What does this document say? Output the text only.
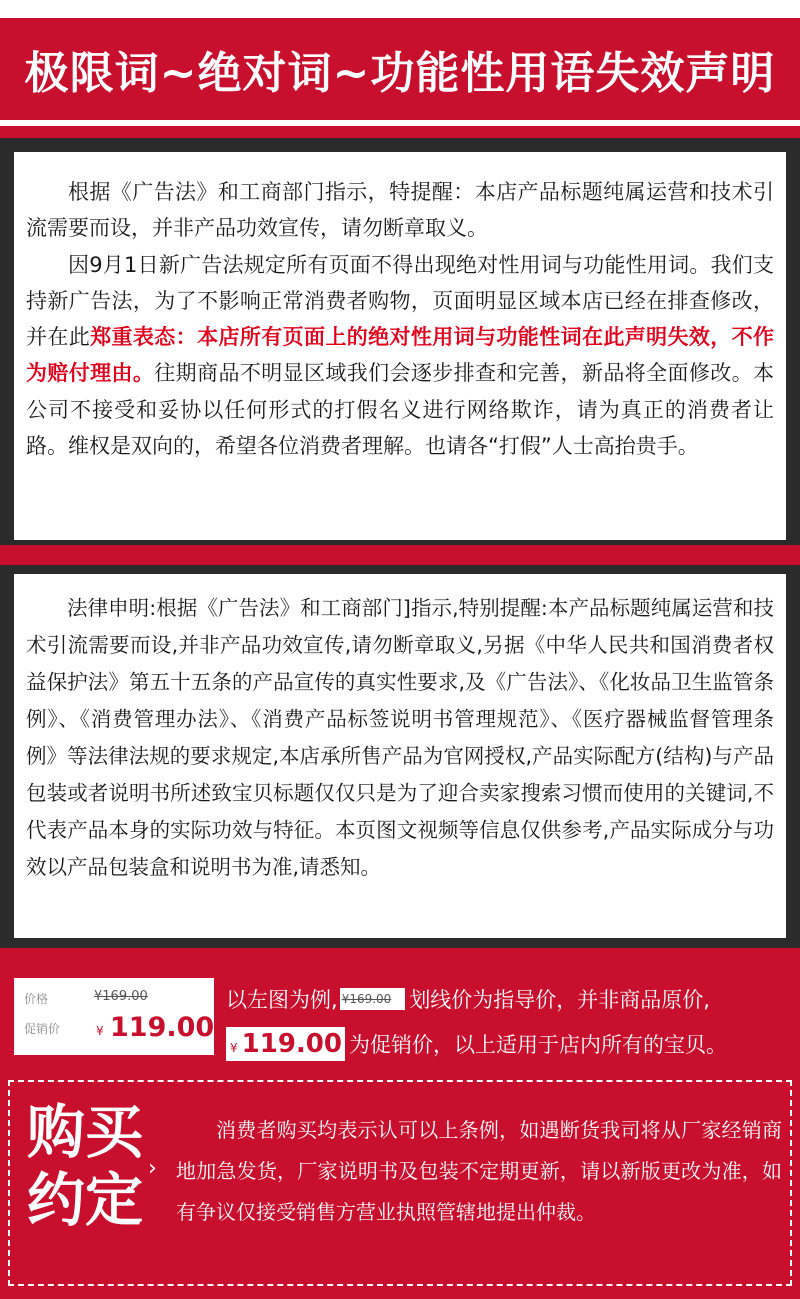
极限词~绝对词~功能性用语失效声明

根据《广告法》和工商部门指示，特提醒：本店产品标题纯属运营和技术引流需要而设，并非产品功效宣传，请勿断章取义。

因9月1日新广告法规定所有页面不得出现绝对性用词与功能性用词。我们支持新广告法，为了不影响正常消费者购物，页面明显区域本店已经在排查修改，并在此郑重表态：本店所有页面上的绝对性用词与功能性词在此声明失效，不作为赔付理由。往期商品不明显区域我们会逐步排查和完善，新品将全面修改。本公司不接受和妥协以任何形式的打假名义进行网络欺诈，请为真正的消费者让路。维权是双向的，希望各位消费者理解。也请各“打假”人士高抬贵手。

法律申明:根据《广告法》和工商部门]指示,特别提醒:本产品标题纯属运营和技术引流需要而设,并非产品功效宣传,请勿断章取义,另据《中华人民共和国消费者权益保护法》第五十五条的产品宣传的真实性要求,及《广告法》、《化妆品卫生监管条例》、《消费管理办法》、《消费产品标签说明书管理规范》、《医疗器械监督管理条例》等法律法规的要求规定,本店承所售产品为官网授权,产品实际配方(结构)与产品包装或者说明书所述致宝贝标题仅仅只是为了迎合卖家搜索习惯而使用的关键词,不代表产品本身的实际功效与特征。本页图文视频等信息仅供参考,产品实际成分与功效以产品包装盒和说明书为准,请悉知。

价格	¥169.00
促销价	¥ 119.00
以左图为例, ¥169.00 划线价为指导价，并非商品原价,
¥ 119.00 为促销价，以上适用于店内所有的宝贝。
购买
约定 ›

消费者购买均表示认可以上条例，如遇断货我司将从厂家经销商地加急发货，厂家说明书及包装不定期更新，请以新版更改为准，如有争议仅接受销售方营业执照管辖地提出仲裁。
